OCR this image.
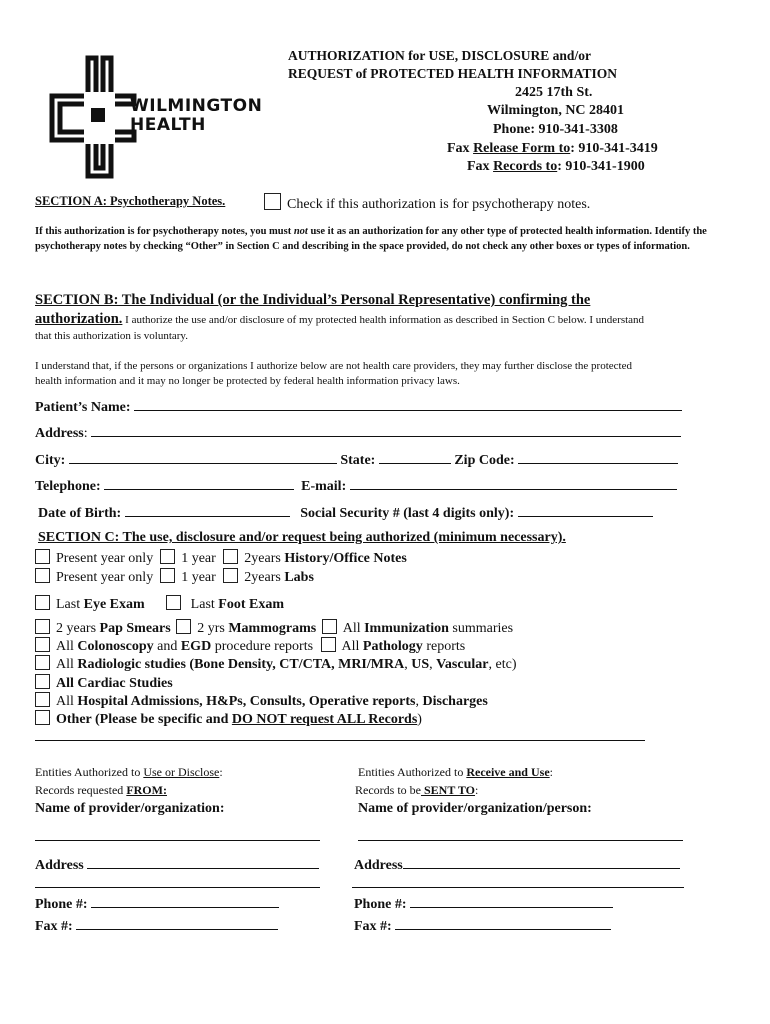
WILMINGTON
HEALTH
AUTHORIZATION for USE, DISCLOSURE and/or
REQUEST of PROTECTED HEALTH INFORMATION
2425 17th St.
Wilmington, NC 28401
Phone: 910-341-3308
Fax Release Form to: 910-341-3419
Fax Records to: 910-341-1900
SECTION A: Psychotherapy Notes.	Check if this authorization is for psychotherapy notes.
If this authorization is for psychotherapy notes, you must not use it as an authorization for any other type of protected health information. Identify the psychotherapy notes by checking “Other” in Section C and describing in the space provided, do not check any other boxes or types of information.
SECTION B: The Individual (or the Individual’s Personal Representative) confirming the
authorization. I authorize the use and/or disclosure of my protected health information as described in Section C below. I understand
that this authorization is voluntary.
I understand that, if the persons or organizations I authorize below are not health care providers, they may further disclose the protected
health information and it may no longer be protected by federal health information privacy laws.
Patient’s Name:
Address:
City:	State:	Zip Code:
Telephone:	E-mail:
Date of Birth:	Social Security # (last 4 digits only):
SECTION C: The use, disclosure and/or request being authorized (minimum necessary).
Present year only 1 year 2years History/Office Notes
Present year only 1 year 2years Labs
Last Eye Exam	Last Foot Exam
2 years Pap Smears 2 yrs Mammograms All Immunization summaries
All Colonoscopy and EGD procedure reports All Pathology reports
All Radiologic studies (Bone Density, CT/CTA, MRI/MRA, US, Vascular, etc)
All Cardiac Studies
All Hospital Admissions, H&Ps, Consults, Operative reports, Discharges
Other (Please be specific and DO NOT request ALL Records)
Entities Authorized to Use or Disclose:
Records requested FROM:
Name of provider/organization:
Address
Phone #:
Fax #:
Entities Authorized to Receive and Use:
Records to be SENT TO:
Name of provider/organization/person:
Address
Phone #:
Fax #:
